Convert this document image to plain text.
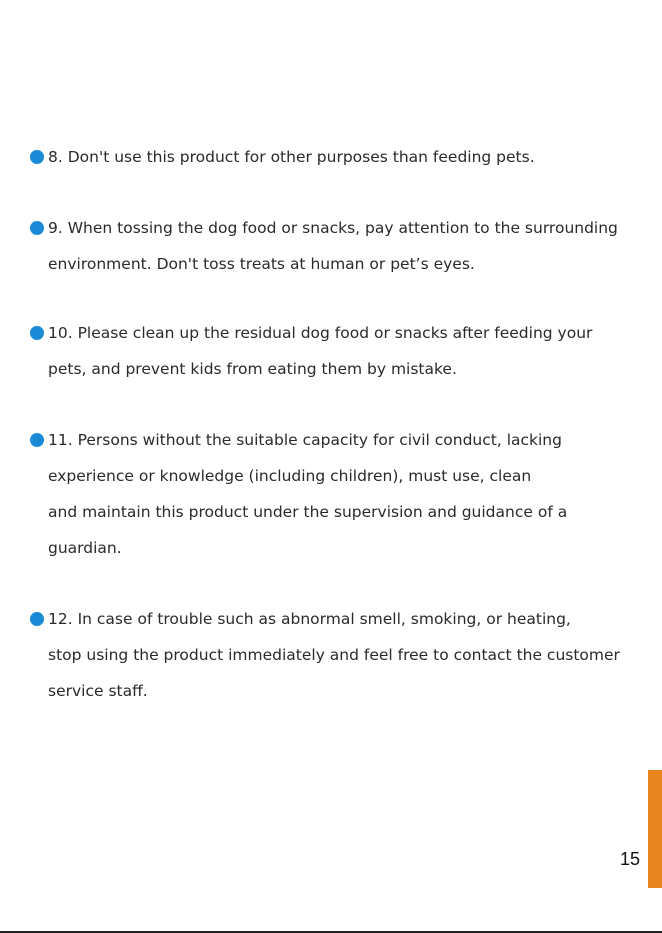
8. Don't use this product for other purposes than feeding pets.
9. When tossing the dog food or snacks, pay attention to the surrounding
environment. Don't toss treats at human or pet’s eyes.
10. Please clean up the residual dog food or snacks after feeding your
pets, and prevent kids from eating them by mistake.
11. Persons without the suitable capacity for civil conduct, lacking
experience or knowledge (including children), must use, clean
and maintain this product under the supervision and guidance of a
guardian.
12. In case of trouble such as abnormal smell, smoking, or heating,
stop using the product immediately and feel free to contact the customer
service staff.
15
